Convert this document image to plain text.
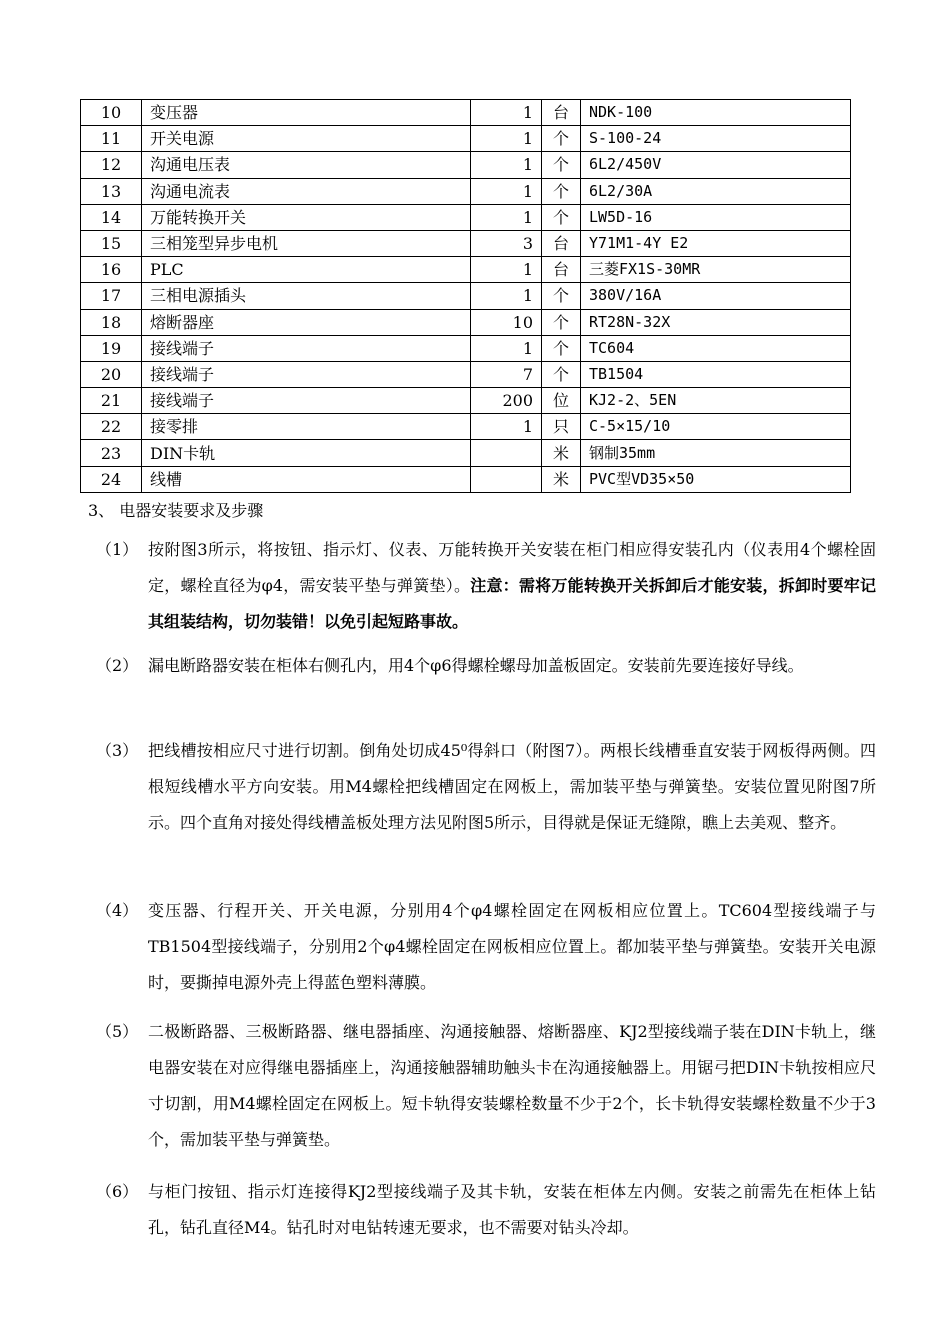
10	变压器	1	台	NDK-100
11	开关电源	1	个	S-100-24
12	沟通电压表	1	个	6L2/450V
13	沟通电流表	1	个	6L2/30A
14	万能转换开关	1	个	LW5D-16
15	三相笼型异步电机	3	台	Y71M1-4Y E2
16	PLC	1	台	三菱FX1S-30MR
17	三相电源插头	1	个	380V/16A
18	熔断器座	10	个	RT28N-32X
19	接线端子	1	个	TC604
20	接线端子	7	个	TB1504
21	接线端子	200	位	KJ2-2、5EN
22	接零排	1	只	C-5×15/10
23	DIN卡轨		米	钢制35mm
24	线槽		米	PVC型VD35×50
3、 电器安装要求及步骤
（1） 按附图3所示，将按钮、指示灯、仪表、万能转换开关安装在柜门相应得安装孔内（仪表用4个螺栓固定，螺栓直径为φ4，需安装平垫与弹簧垫）。注意：需将万能转换开关拆卸后才能安装，拆卸时要牢记其组装结构，切勿装错！以免引起短路事故。
（2） 漏电断路器安装在柜体右侧孔内，用4个φ6得螺栓螺母加盖板固定。安装前先要连接好导线。
（3） 把线槽按相应尺寸进行切割。倒角处切成45⁰得斜口（附图7）。两根长线槽垂直安装于网板得两侧。四根短线槽水平方向安装。用M4螺栓把线槽固定在网板上，需加装平垫与弹簧垫。安装位置见附图7所示。四个直角对接处得线槽盖板处理方法见附图5所示，目得就是保证无缝隙，瞧上去美观、整齐。
（4） 变压器、行程开关、开关电源，分别用4个φ4螺栓固定在网板相应位置上。TC604型接线端子与TB1504型接线端子，分别用2个φ4螺栓固定在网板相应位置上。都加装平垫与弹簧垫。安装开关电源时，要撕掉电源外壳上得蓝色塑料薄膜。
（5） 二极断路器、三极断路器、继电器插座、沟通接触器、熔断器座、KJ2型接线端子装在DIN卡轨上，继电器安装在对应得继电器插座上，沟通接触器辅助触头卡在沟通接触器上。用锯弓把DIN卡轨按相应尺寸切割，用M4螺栓固定在网板上。短卡轨得安装螺栓数量不少于2个，长卡轨得安装螺栓数量不少于3个，需加装平垫与弹簧垫。
（6） 与柜门按钮、指示灯连接得KJ2型接线端子及其卡轨，安装在柜体左内侧。安装之前需先在柜体上钻孔，钻孔直径M4。钻孔时对电钻转速无要求，也不需要对钻头冷却。
